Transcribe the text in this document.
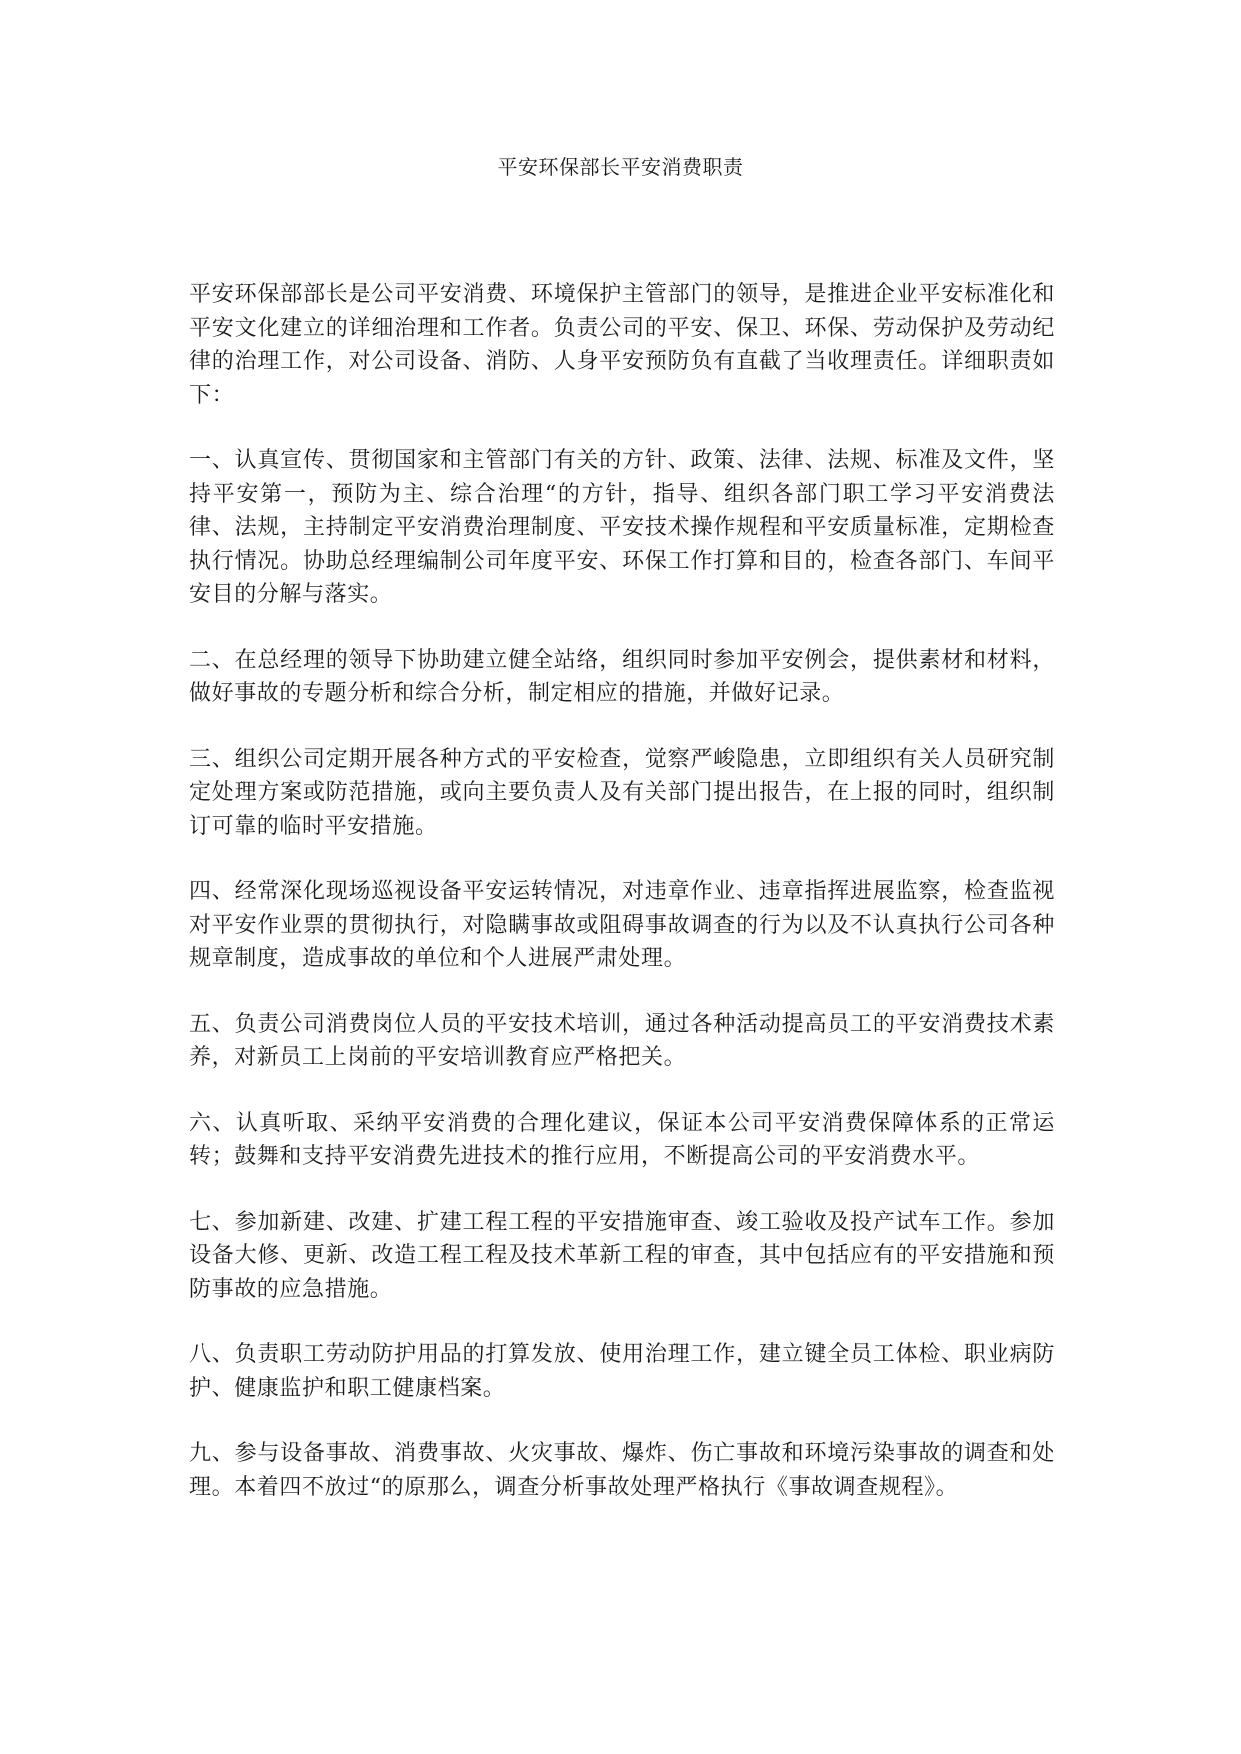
平安环保部长平安消费职责

平安环保部部长是公司平安消费、环境保护主管部门的领导，是推进企业平安标准化和平安文化建立的详细治理和工作者。负责公司的平安、保卫、环保、劳动保护及劳动纪律的治理工作，对公司设备、消防、人身平安预防负有直截了当收理责任。详细职责如下：

一、认真宣传、贯彻国家和主管部门有关的方针、政策、法律、法规、标准及文件，坚持平安第一，预防为主、综合治理“的方针，指导、组织各部门职工学习平安消费法律、法规，主持制定平安消费治理制度、平安技术操作规程和平安质量标准，定期检查执行情况。协助总经理编制公司年度平安、环保工作打算和目的，检查各部门、车间平安目的分解与落实。

二、在总经理的领导下协助建立健全站络，组织同时参加平安例会，提供素材和材料，做好事故的专题分析和综合分析，制定相应的措施，并做好记录。

三、组织公司定期开展各种方式的平安检查，觉察严峻隐患，立即组织有关人员研究制定处理方案或防范措施，或向主要负责人及有关部门提出报告，在上报的同时，组织制订可靠的临时平安措施。

四、经常深化现场巡视设备平安运转情况，对违章作业、违章指挥进展监察，检查监视对平安作业票的贯彻执行，对隐瞒事故或阻碍事故调查的行为以及不认真执行公司各种规章制度，造成事故的单位和个人进展严肃处理。

五、负责公司消费岗位人员的平安技术培训，通过各种活动提高员工的平安消费技术素养，对新员工上岗前的平安培训教育应严格把关。

六、认真听取、采纳平安消费的合理化建议，保证本公司平安消费保障体系的正常运转；鼓舞和支持平安消费先进技术的推行应用，不断提高公司的平安消费水平。

七、参加新建、改建、扩建工程工程的平安措施审查、竣工验收及投产试车工作。参加设备大修、更新、改造工程工程及技术革新工程的审查，其中包括应有的平安措施和预防事故的应急措施。

八、负责职工劳动防护用品的打算发放、使用治理工作，建立键全员工体检、职业病防护、健康监护和职工健康档案。

九、参与设备事故、消费事故、火灾事故、爆炸、伤亡事故和环境污染事故的调查和处理。本着四不放过“的原那么，调查分析事故处理严格执行《事故调查规程》。
